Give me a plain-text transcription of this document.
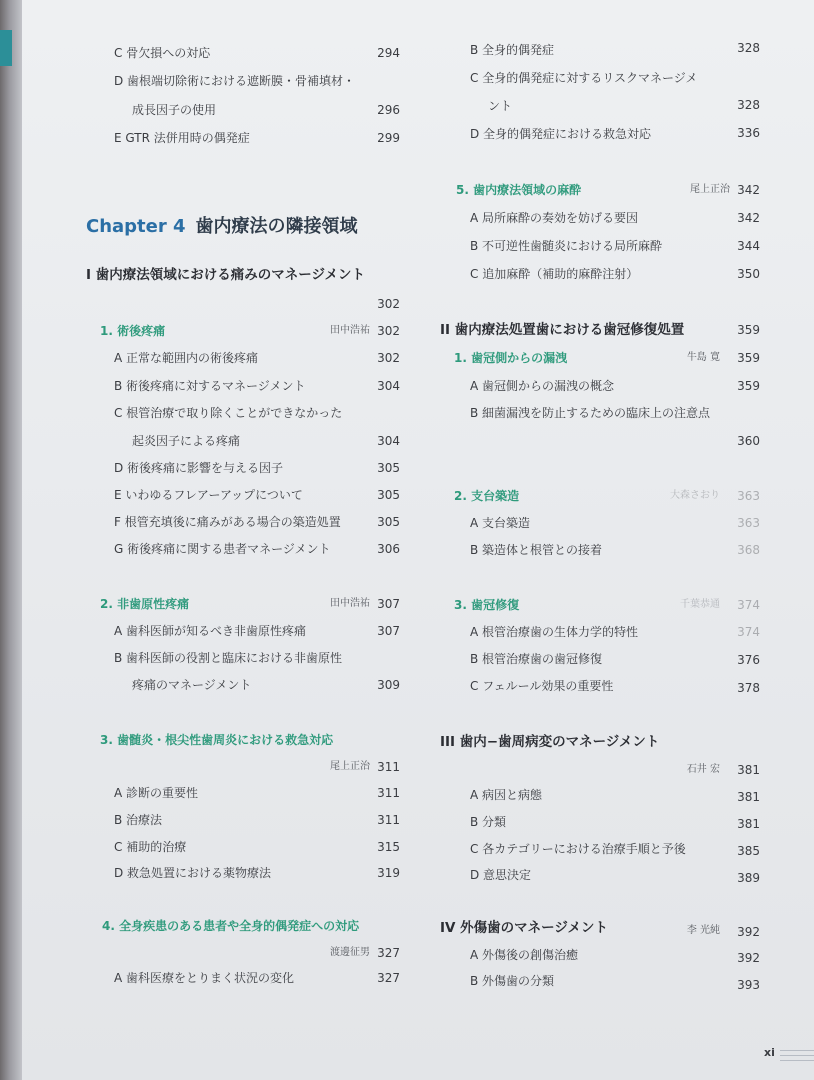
C 骨欠損への対応	294
D 歯根端切除術における遮断膜・骨補填材・
成長因子の使用	296
E GTR 法併用時の偶発症	299
Chapter 4 歯内療法の隣接領域
I 歯内療法領域における痛みのマネージメント
302
1. 術後疼痛	田中浩祐 302
A 正常な範囲内の術後疼痛	302
B 術後疼痛に対するマネージメント	304
C 根管治療で取り除くことができなかった
起炎因子による疼痛	304
D 術後疼痛に影響を与える因子	305
E いわゆるフレアーアップについて	305
F 根管充填後に痛みがある場合の築造処置	305
G 術後疼痛に関する患者マネージメント	306
2. 非歯原性疼痛	田中浩祐 307
A 歯科医師が知るべき非歯原性疼痛	307
B 歯科医師の役割と臨床における非歯原性
疼痛のマネージメント	309
3. 歯髄炎・根尖性歯周炎における救急対応
尾上正治 311
A 診断の重要性	311
B 治療法	311
C 補助的治療	315
D 救急処置における薬物療法	319
4. 全身疾患のある患者や全身的偶発症への対応
渡邊征男 327
A 歯科医療をとりまく状況の変化	327
B 全身的偶発症	328
C 全身的偶発症に対するリスクマネージメ
ント	328
D 全身的偶発症における救急対応	336
5. 歯内療法領域の麻酔	尾上正治 342
A 局所麻酔の奏効を妨げる要因	342
B 不可逆性歯髄炎における局所麻酔	344
C 追加麻酔（補助的麻酔注射）	350
II 歯内療法処置歯における歯冠修復処置	359
1. 歯冠側からの漏洩	牛島 寛	359
A 歯冠側からの漏洩の概念	359
B 細菌漏洩を防止するための臨床上の注意点
360
2. 支台築造	大森さおり	363
A 支台築造	363
B 築造体と根管との接着	368
3. 歯冠修復	千葉恭通	374
A 根管治療歯の生体力学的特性	374
B 根管治療歯の歯冠修復	376
C フェルール効果の重要性	378
III 歯内−歯周病変のマネージメント
石井 宏	381
A 病因と病態	381
B 分類	381
C 各カテゴリーにおける治療手順と予後	385
D 意思決定	389
IV 外傷歯のマネージメント	李 光純	392
A 外傷後の創傷治癒	392
B 外傷歯の分類	393
xi
